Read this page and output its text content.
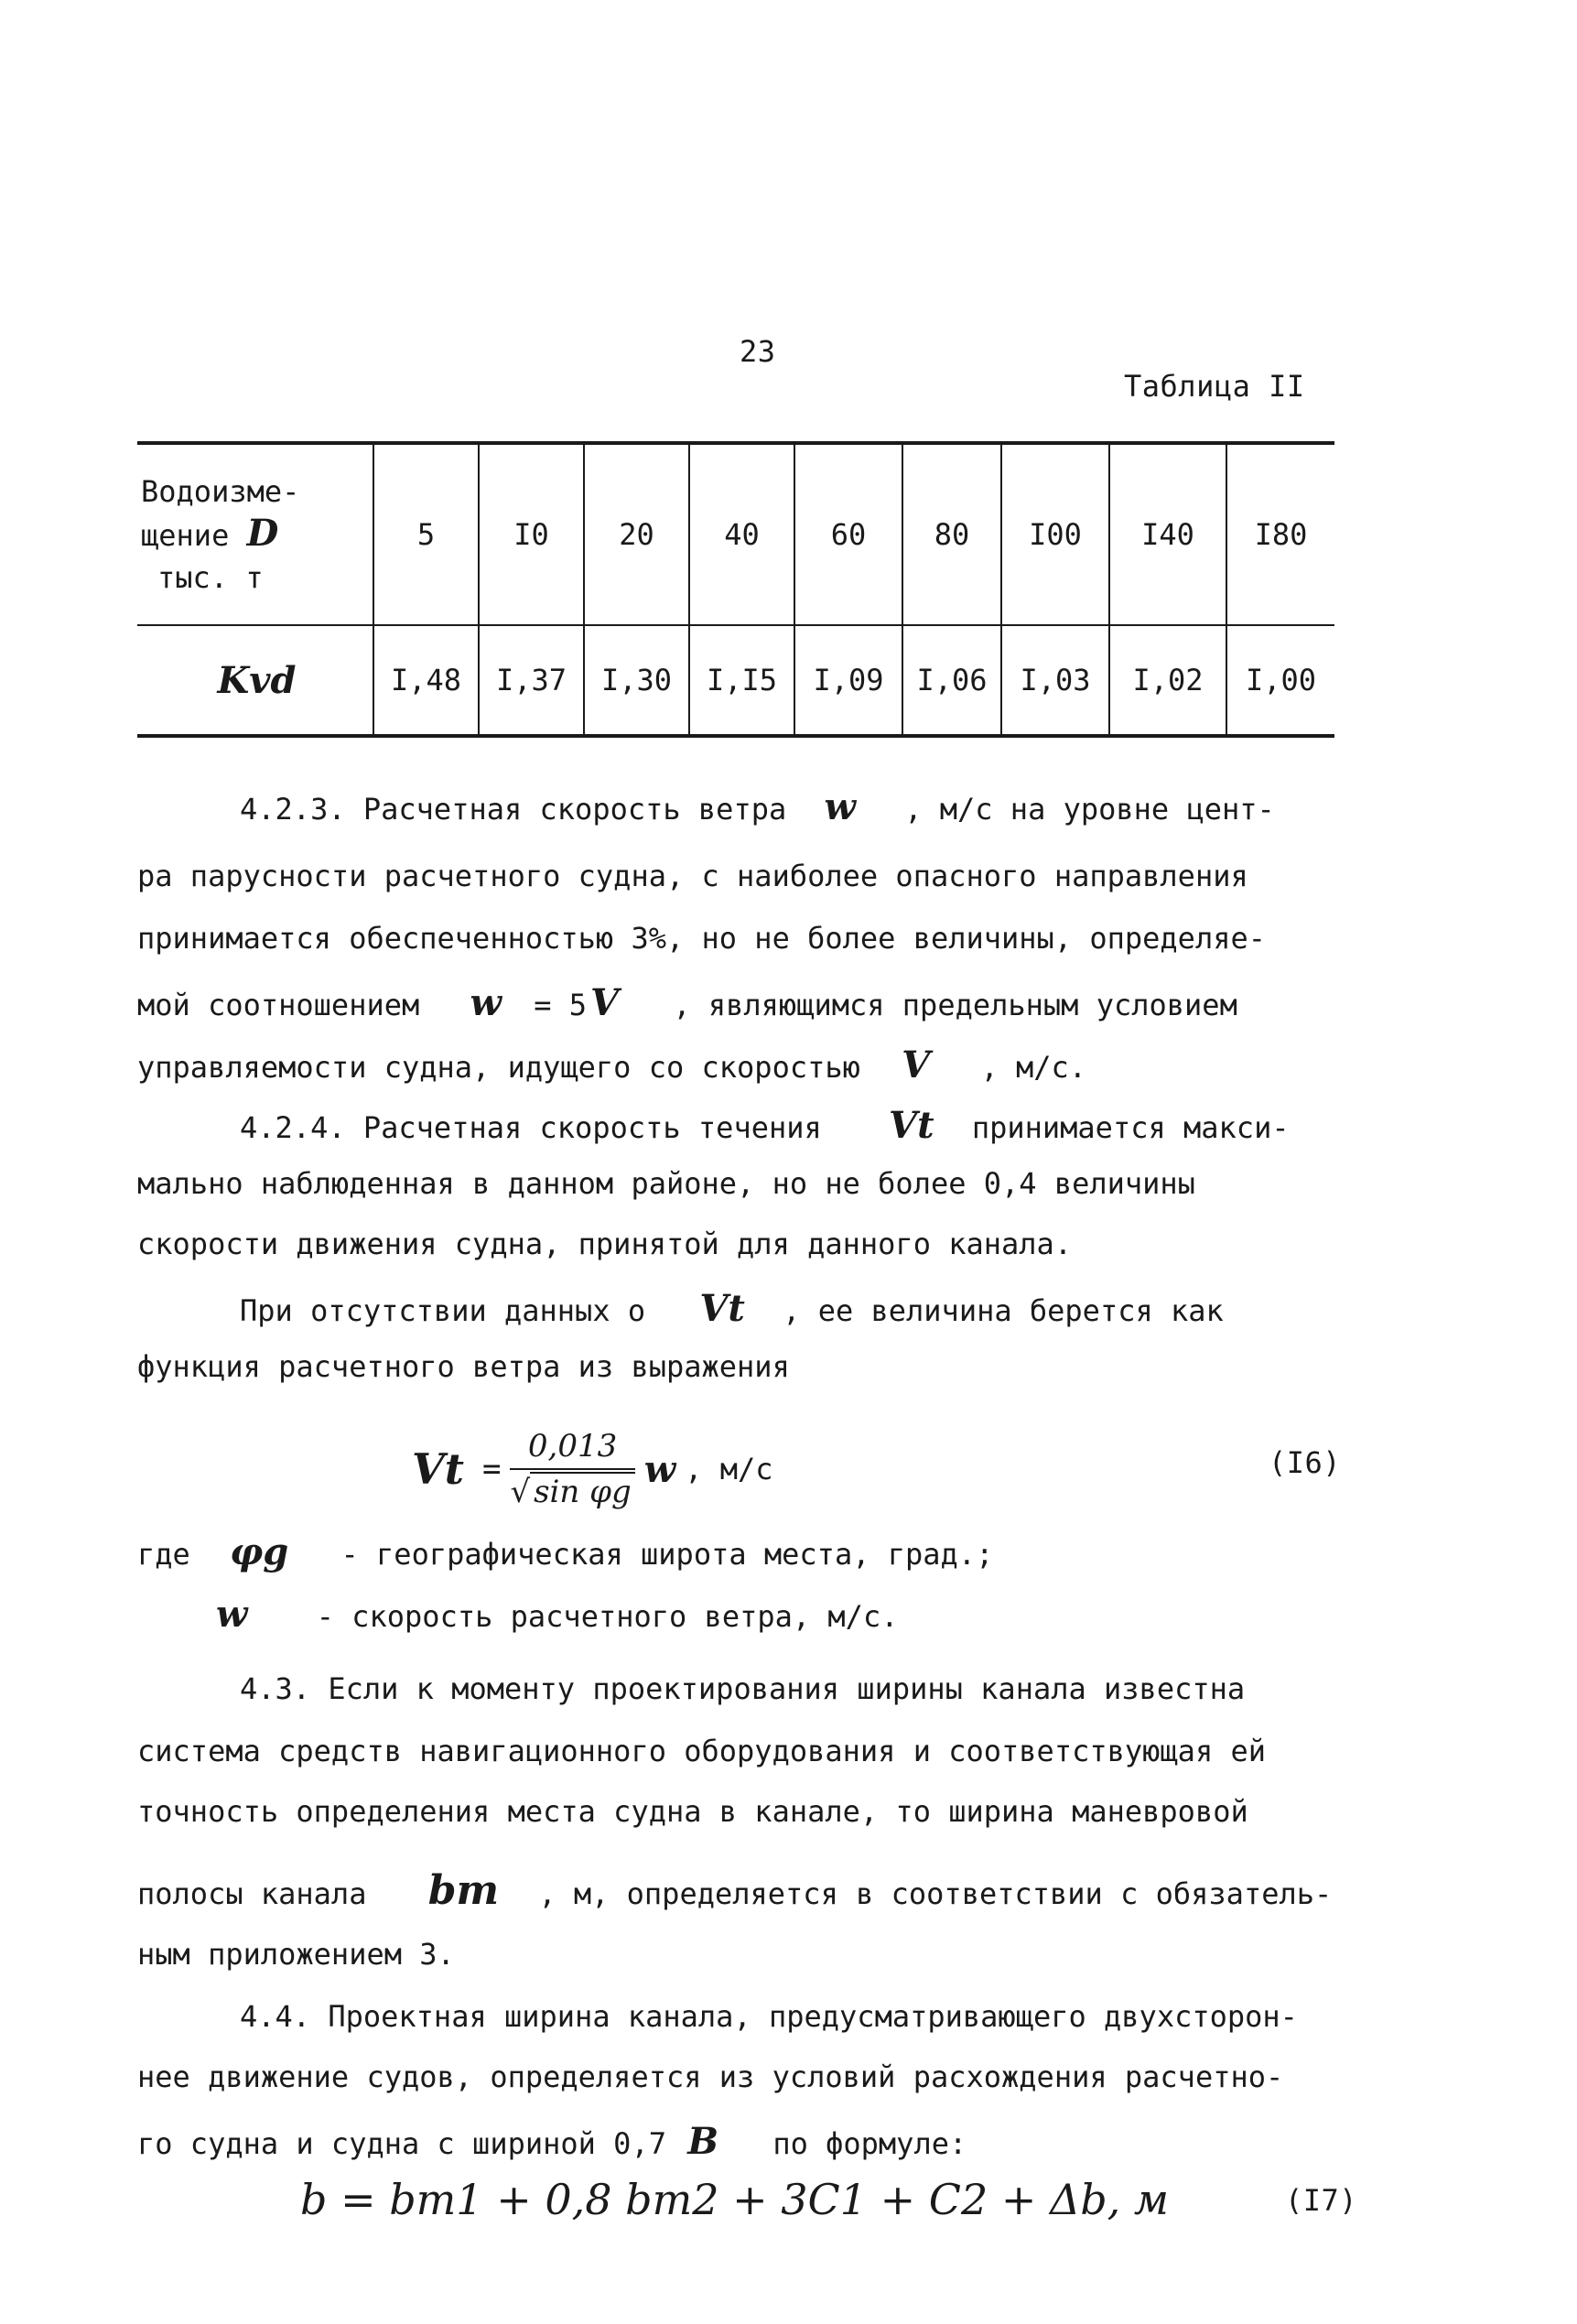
23
Таблица II
Водоизме-
щение D
тыс. т	5	I0	20	40	60	80	I00	I40	I80
Kvd	I,48	I,37	I,30	I,I5	I,09	I,06	I,03	I,02	I,00
4.2.3. Расчетная скорость ветра w , м/с на уровне цент-
ра парусности расчетного судна, с наиболее опасного направления
принимается обеспеченностью 3%, но не более величины, определяе-
мой соотношением w = 5 V , являющимся предельным условием
управляемости судна, идущего со скоростью V , м/с.
4.2.4. Расчетная скорость течения Vt принимается макси-
мально наблюденная в данном районе, но не более 0,4 величины
скорости движения судна, принятой для данного канала.
При отсутствии данных о Vt , ее величина берется как
функция расчетного ветра из выражения
$Vt = \frac{0,013}{\text{√ sin φg}}$ w , м/с	(I6)
где φg - географическая широта места, град.;
w - скорость расчетного ветра, м/с.
4.3. Если к моменту проектирования ширины канала известна
система средств навигационного оборудования и соответствующая ей
точность определения места судна в канале, то ширина маневровой
полосы канала bm , м, определяется в соответствии с обязатель-
ным приложением 3.
4.4. Проектная ширина канала, предусматривающего двухсторон-
нее движение судов, определяется из условий расхождения расчетно-
го судна и судна с шириной 0,7 B по формуле:
b = bm1 + 0,8 bm2 + 3C1 + C2 + Δb, м	(I7)
